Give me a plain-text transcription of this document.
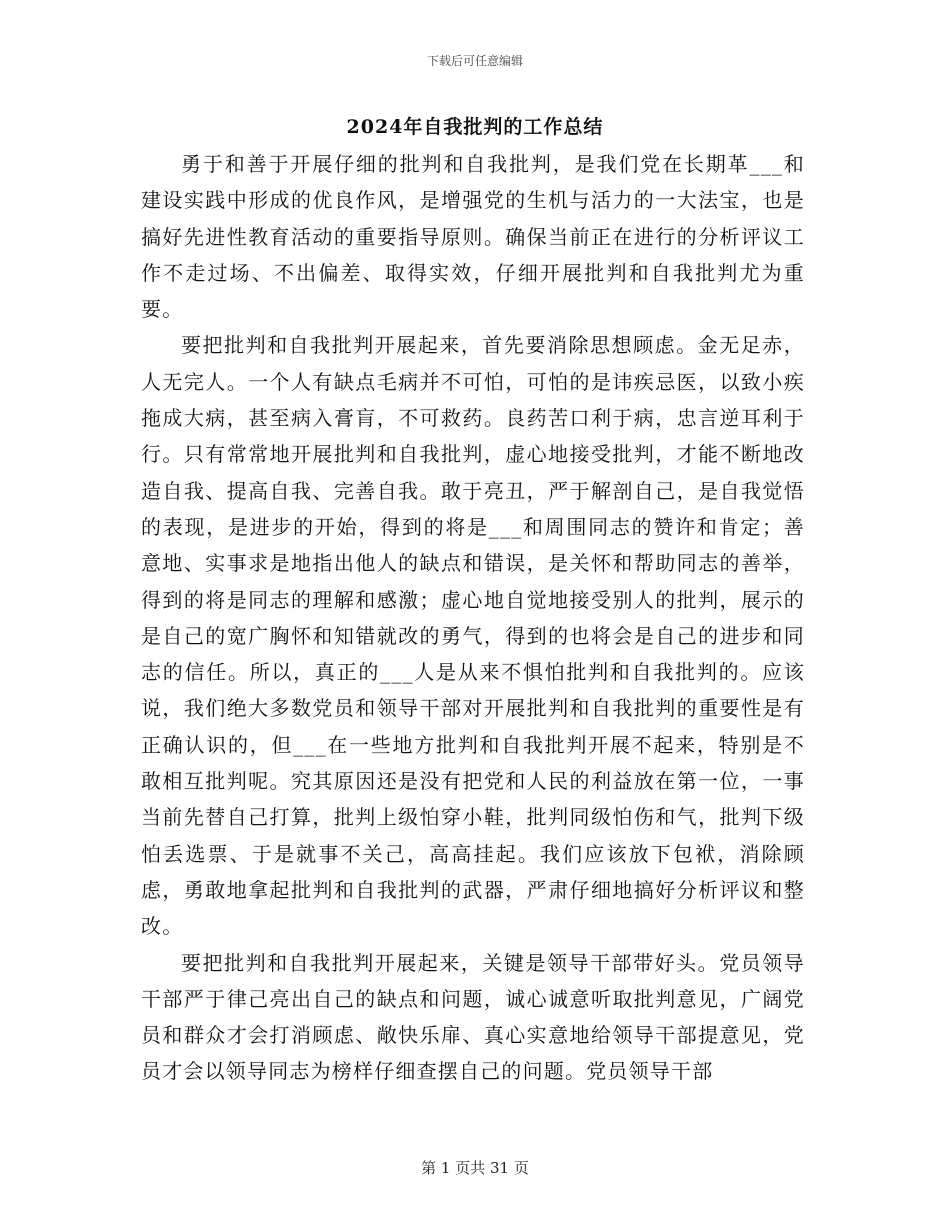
下载后可任意编辑
2024年自我批判的工作总结

勇于和善于开展仔细的批判和自我批判，是我们党在长期革___和建设实践中形成的优良作风，是增强党的生机与活力的一大法宝，也是搞好先进性教育活动的重要指导原则。确保当前正在进行的分析评议工作不走过场、不出偏差、取得实效，仔细开展批判和自我批判尤为重要。

要把批判和自我批判开展起来，首先要消除思想顾虑。金无足赤，人无完人。一个人有缺点毛病并不可怕，可怕的是讳疾忌医，以致小疾拖成大病，甚至病入膏肓，不可救药。良药苦口利于病，忠言逆耳利于行。只有常常地开展批判和自我批判，虚心地接受批判，才能不断地改造自我、提高自我、完善自我。敢于亮丑，严于解剖自己，是自我觉悟的表现，是进步的开始，得到的将是___和周围同志的赞许和肯定；善意地、实事求是地指出他人的缺点和错误，是关怀和帮助同志的善举，得到的将是同志的理解和感激；虚心地自觉地接受别人的批判，展示的是自己的宽广胸怀和知错就改的勇气，得到的也将会是自己的进步和同志的信任。所以，真正的___人是从来不惧怕批判和自我批判的。应该说，我们绝大多数党员和领导干部对开展批判和自我批判的重要性是有正确认识的，但___在一些地方批判和自我批判开展不起来，特别是不敢相互批判呢。究其原因还是没有把党和人民的利益放在第一位，一事当前先替自己打算，批判上级怕穿小鞋，批判同级怕伤和气，批判下级怕丢选票、于是就事不关己，高高挂起。我们应该放下包袱，消除顾虑，勇敢地拿起批判和自我批判的武器，严肃仔细地搞好分析评议和整改。

要把批判和自我批判开展起来，关键是领导干部带好头。党员领导干部严于律己亮出自己的缺点和问题，诚心诚意听取批判意见，广阔党员和群众才会打消顾虑、敞快乐扉、真心实意地给领导干部提意见，党员才会以领导同志为榜样仔细查摆自己的问题。党员领导干部

第 1 页共 31 页
